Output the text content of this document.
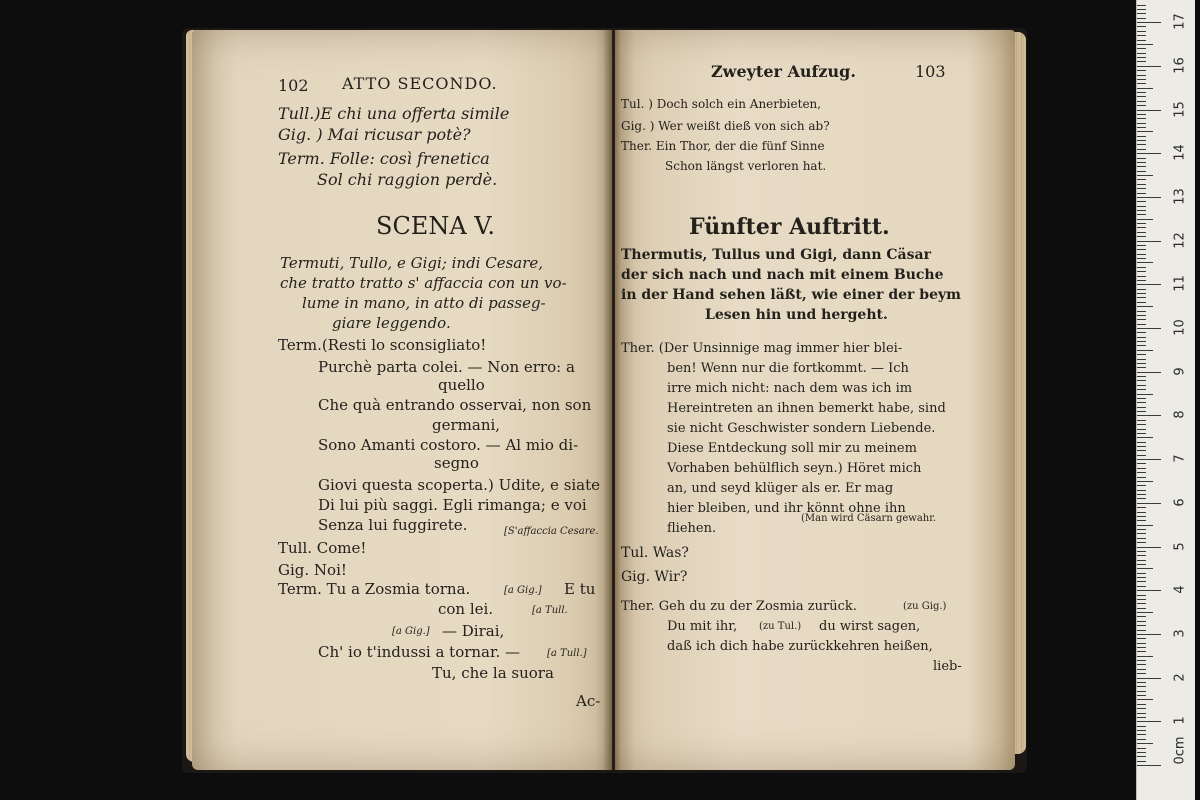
102 ATTO SECONDO.
Tull.)E chi una offerta simile
Gig. ) Mai ricusar potè?
Term. Folle: così frenetica
Sol chi raggion perdè.
SCENA V.
Termuti, Tullo, e Gigi; indi Cesare,
che tratto tratto s' affaccia con un vo-
lume in mano, in atto di passeg-
giare leggendo.
Term.(Resti lo sconsigliato!
Purchè parta colei. — Non erro: a
quello
Che quà entrando osservai, non son
germani,
Sono Amanti costoro. — Al mio di-
segno
Giovi questa scoperta.) Udite, e siate
Di lui più saggi. Egli rimanga; e voi
Senza lui fuggirete.	[S'affaccia Cesare.
Tull. Come!
Gig. Noi!
Term. Tu a Zosmia torna.	[a Gig.] E tu
con lei.	[a Tull.
[a Gig.] — Dirai,
Ch' io t'indussi a tornar. —	[a Tull.]
Tu, che la suora
Ac-
Zweyter Aufzug.	103
Tul. ) Doch solch ein Anerbieten,
Gig. ) Wer weißt dieß von sich ab?
Ther. Ein Thor, der die fünf Sinne
Schon längst verloren hat.
Fünfter Auftritt.
Thermutis, Tullus und Gigi, dann Cäsar
der sich nach und nach mit einem Buche
in der Hand sehen läßt, wie einer der beym
Lesen hin und hergeht.
Ther. (Der Unsinnige mag immer hier blei-
ben! Wenn nur die fortkommt. — Ich
irre mich nicht: nach dem was ich im
Hereintreten an ihnen bemerkt habe, sind
sie nicht Geschwister sondern Liebende.
Diese Entdeckung soll mir zu meinem
Vorhaben behülflich seyn.) Höret mich
an, und seyd klüger als er. Er mag
hier bleiben, und ihr könnt ohne ihn
fliehen.
(Man wird Cäsarn gewahr.
Tul. Was?
Gig. Wir?
Ther. Geh du zu der Zosmia zurück.	(zu Gig.)
Du mit ihr, (zu Tul.) du wirst sagen,
daß ich dich habe zurückkehren heißen,
lieb-
0cm
1
2
3
4
5
6
7
8
9
10
11
12
13
14
15
16
17
